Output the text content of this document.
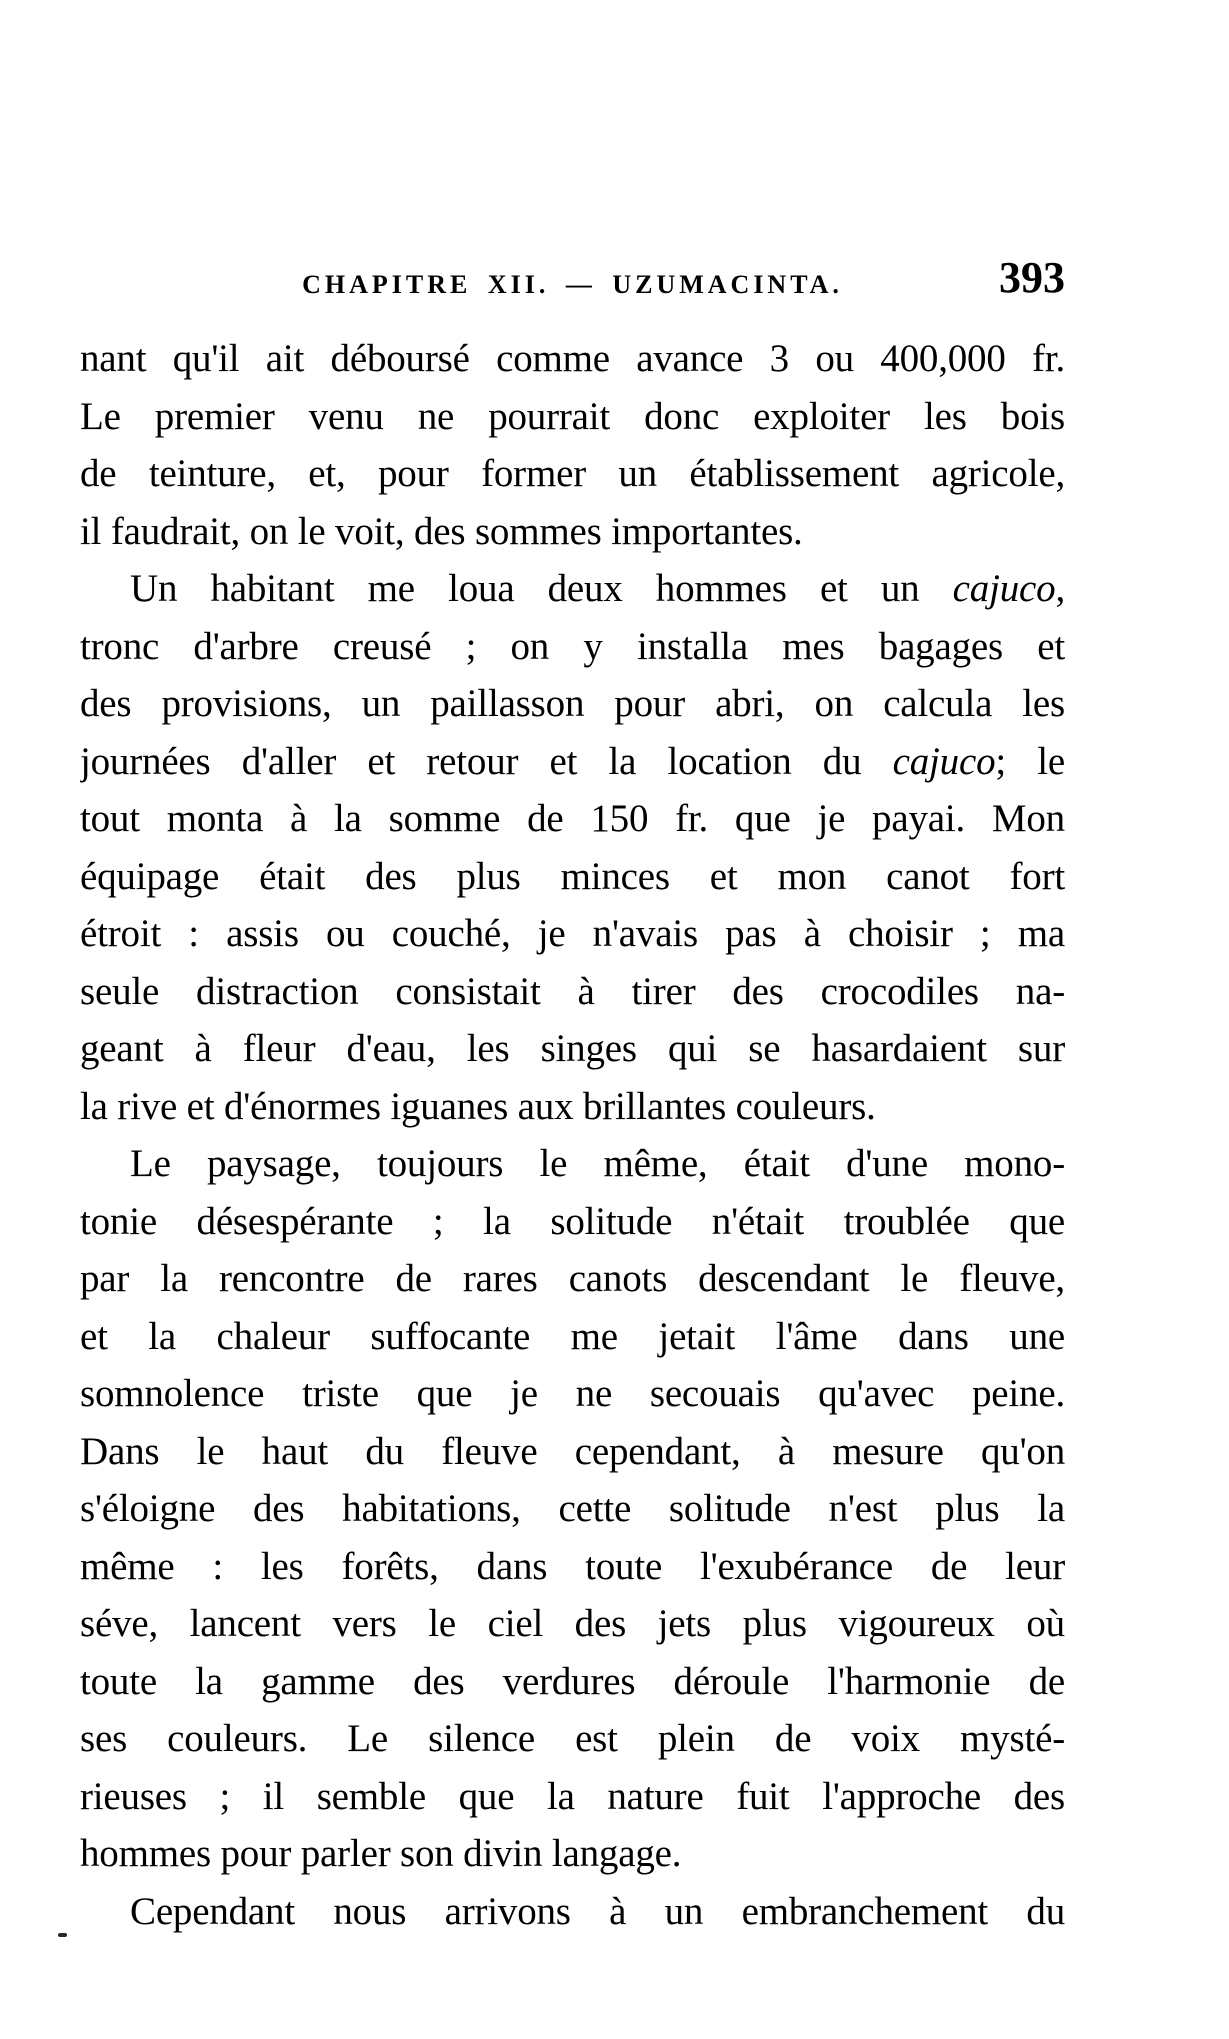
393
CHAPITRE XII. — UZUMACINTA.
nant qu'il ait déboursé comme avance 3 ou 400,000 fr.
Le premier venu ne pourrait donc exploiter les bois
de teinture, et, pour former un établissement agricole,
il faudrait, on le voit, des sommes importantes.
Un habitant me loua deux hommes et un cajuco,
tronc d'arbre creusé ; on y installa mes bagages et
des provisions, un paillasson pour abri, on calcula les
journées d'aller et retour et la location du cajuco; le
tout monta à la somme de 150 fr. que je payai. Mon
équipage était des plus minces et mon canot fort
étroit : assis ou couché, je n'avais pas à choisir ; ma
seule distraction consistait à tirer des crocodiles na-
geant à fleur d'eau, les singes qui se hasardaient sur
la rive et d'énormes iguanes aux brillantes couleurs.
Le paysage, toujours le même, était d'une mono-
tonie désespérante ; la solitude n'était troublée que
par la rencontre de rares canots descendant le fleuve,
et la chaleur suffocante me jetait l'âme dans une
somnolence triste que je ne secouais qu'avec peine.
Dans le haut du fleuve cependant, à mesure qu'on
s'éloigne des habitations, cette solitude n'est plus la
même : les forêts, dans toute l'exubérance de leur
séve, lancent vers le ciel des jets plus vigoureux où
toute la gamme des verdures déroule l'harmonie de
ses couleurs. Le silence est plein de voix mysté-
rieuses ; il semble que la nature fuit l'approche des
hommes pour parler son divin langage.
Cependant nous arrivons à un embranchement du
